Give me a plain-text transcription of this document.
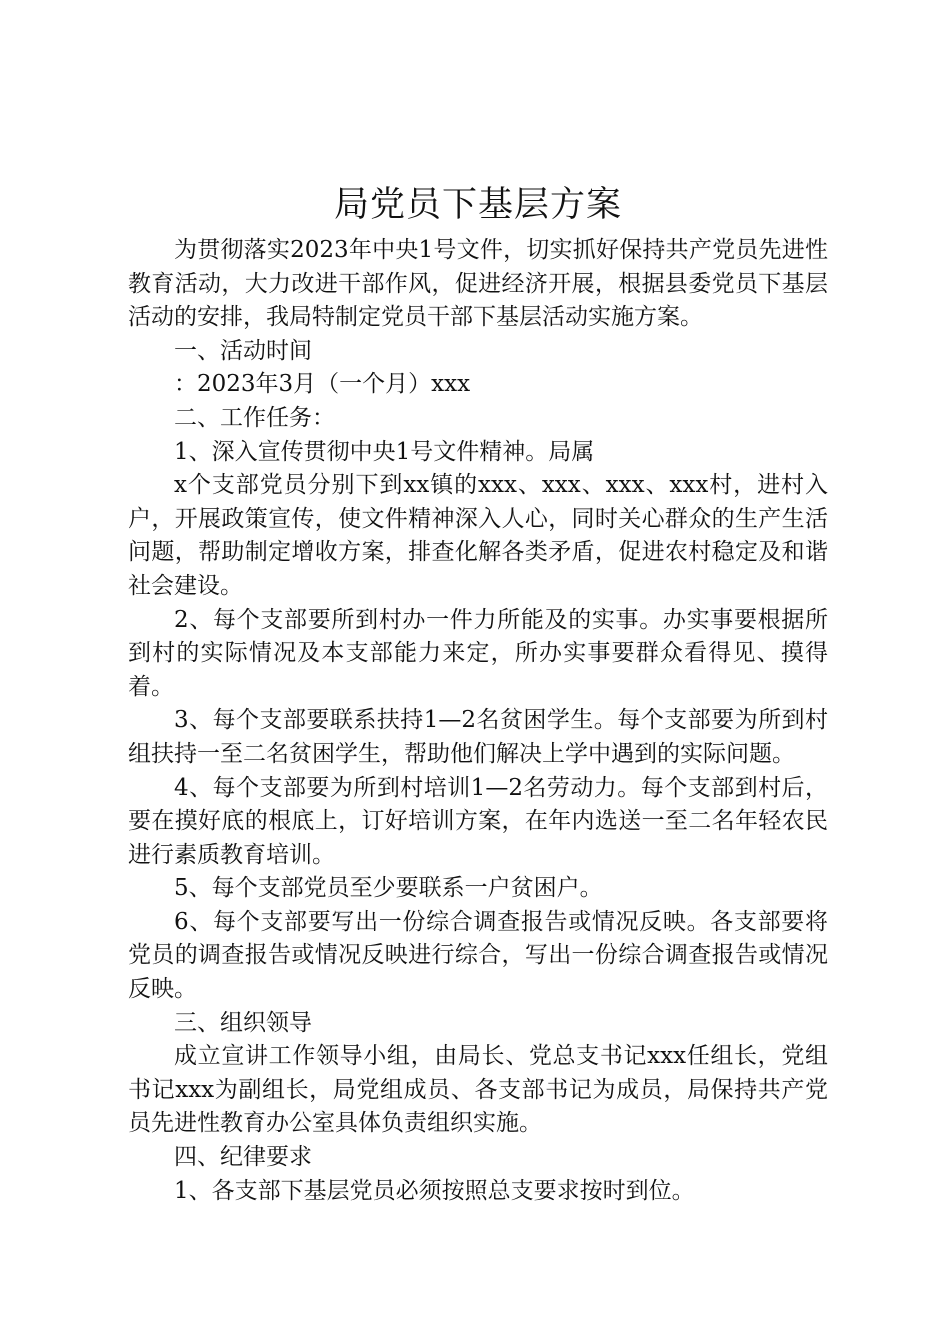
局党员下基层方案

为贯彻落实2023年中央1号文件，切实抓好保持共产党员先进性教育活动，大力改进干部作风，促进经济开展，根据县委党员下基层活动的安排，我局特制定党员干部下基层活动实施方案。

一、活动时间

：2023年3月（一个月）xxx

二、工作任务：

1、深入宣传贯彻中央1号文件精神。局属

x个支部党员分别下到xx镇的xxx、xxx、xxx、xxx村，进村入户，开展政策宣传，使文件精神深入人心，同时关心群众的生产生活问题，帮助制定增收方案，排查化解各类矛盾，促进农村稳定及和谐社会建设。

2、每个支部要所到村办一件力所能及的实事。办实事要根据所到村的实际情况及本支部能力来定，所办实事要群众看得见、摸得着。

3、每个支部要联系扶持1—2名贫困学生。每个支部要为所到村组扶持一至二名贫困学生，帮助他们解决上学中遇到的实际问题。

4、每个支部要为所到村培训1—2名劳动力。每个支部到村后，要在摸好底的根底上，订好培训方案，在年内选送一至二名年轻农民进行素质教育培训。

5、每个支部党员至少要联系一户贫困户。

6、每个支部要写出一份综合调查报告或情况反映。各支部要将党员的调查报告或情况反映进行综合，写出一份综合调查报告或情况反映。

三、组织领导

成立宣讲工作领导小组，由局长、党总支书记xxx任组长，党组书记xxx为副组长，局党组成员、各支部书记为成员，局保持共产党员先进性教育办公室具体负责组织实施。

四、纪律要求

1、各支部下基层党员必须按照总支要求按时到位。
